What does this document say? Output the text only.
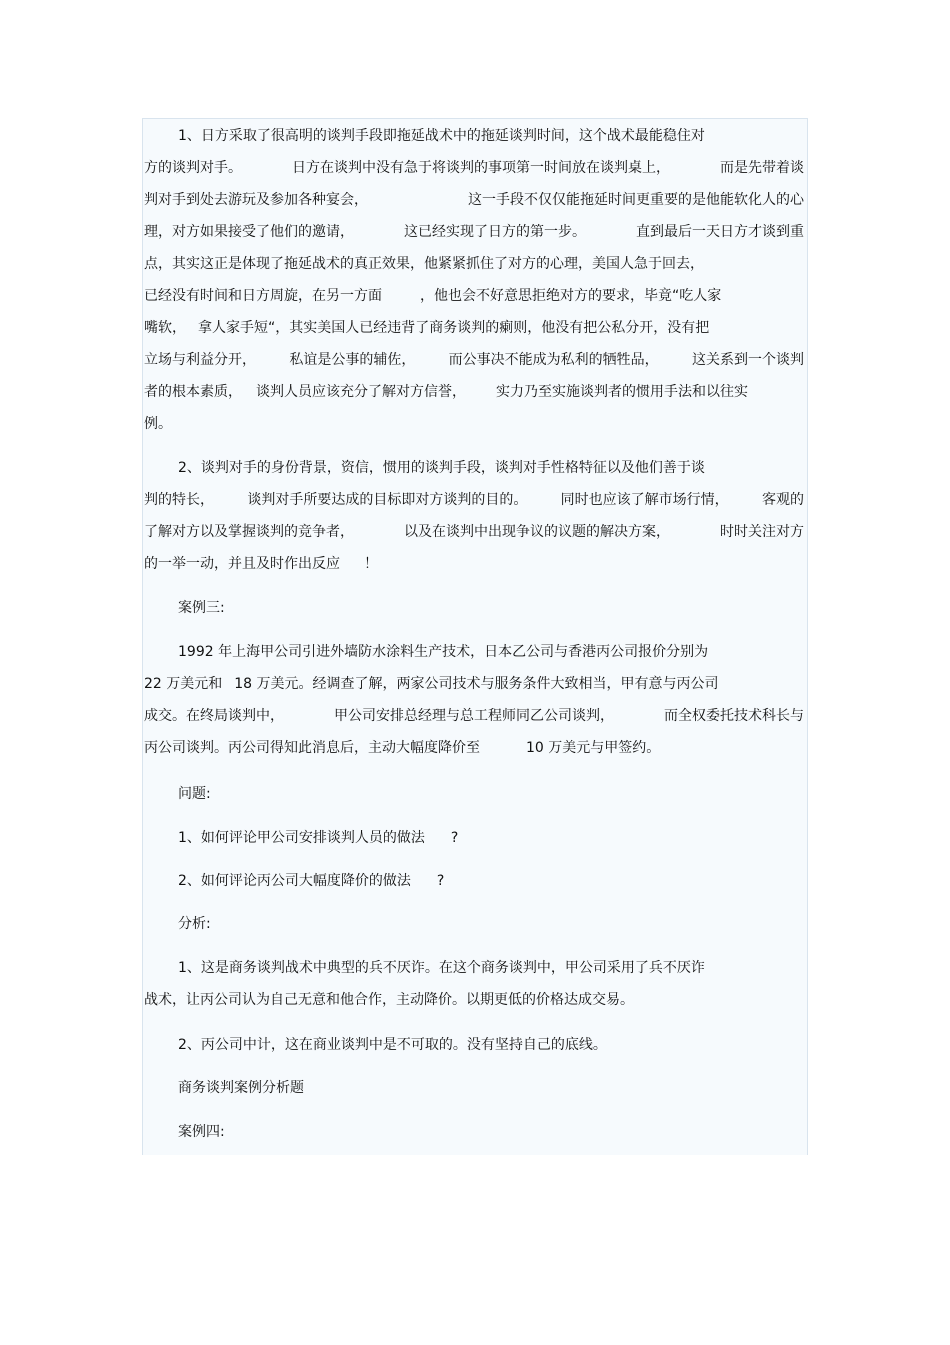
1、日方采取了很高明的谈判手段即拖延战术中的拖延谈判时间，这个战术最能稳住对
方的谈判对手。	日方在谈判中没有急于将谈判的事项第一时间放在谈判桌上，	而是先带着谈
判对手到处去游玩及参加各种宴会，	这一手段不仅仅能拖延时间更重要的是他能软化人的心
理，对方如果接受了他们的邀请，	这已经实现了日方的第一步。	直到最后一天日方才谈到重
点，其实这正是体现了拖延战术的真正效果，他紧紧抓住了对方的心理，美国人急于回去，
已经没有时间和日方周旋，在另一方面	，他也会不好意思拒绝对方的要求，毕竟“吃人家
嘴软， 拿人家手短“，其实美国人已经违背了商务谈判的瘌则，他没有把公私分开，没有把
立场与利益分开， 私谊是公事的辅佐， 而公事决不能成为私利的牺牲品， 这关系到一个谈判
者的根本素质， 谈判人员应该充分了解对方信誉， 实力乃至实施谈判者的惯用手法和以往实
例。
2、谈判对手的身份背景，资信，惯用的谈判手段，谈判对手性格特征以及他们善于谈
判的特长， 谈判对手所要达成的目标即对方谈判的目的。 同时也应该了解市场行情， 客观的
了解对方以及掌握谈判的竞争者，	以及在谈判中出现争议的议题的解决方案，	时时关注对方
的一举一动，并且及时作出反应 ！
案例三:
1992 年上海甲公司引进外墙防水涂料生产技术，日本乙公司与香港丙公司报价分别为
22 万美元和 18 万美元。经调查了解，两家公司技术与服务条件大致相当，甲有意与丙公司
成交。在终局谈判中，	甲公司安排总经理与总工程师同乙公司谈判，	而全权委托技术科长与
丙公司谈判。丙公司得知此消息后，主动大幅度降价至	10 万美元与甲签约。
问题:
1、如何评论甲公司安排谈判人员的做法 ?
2、如何评论丙公司大幅度降价的做法 ?
分析:
1、这是商务谈判战术中典型的兵不厌诈。在这个商务谈判中，甲公司采用了兵不厌诈
战术，让丙公司认为自己无意和他合作，主动降价。以期更低的价格达成交易。
2、丙公司中计，这在商业谈判中是不可取的。没有坚持自己的底线。
商务谈判案例分析题
案例四:
